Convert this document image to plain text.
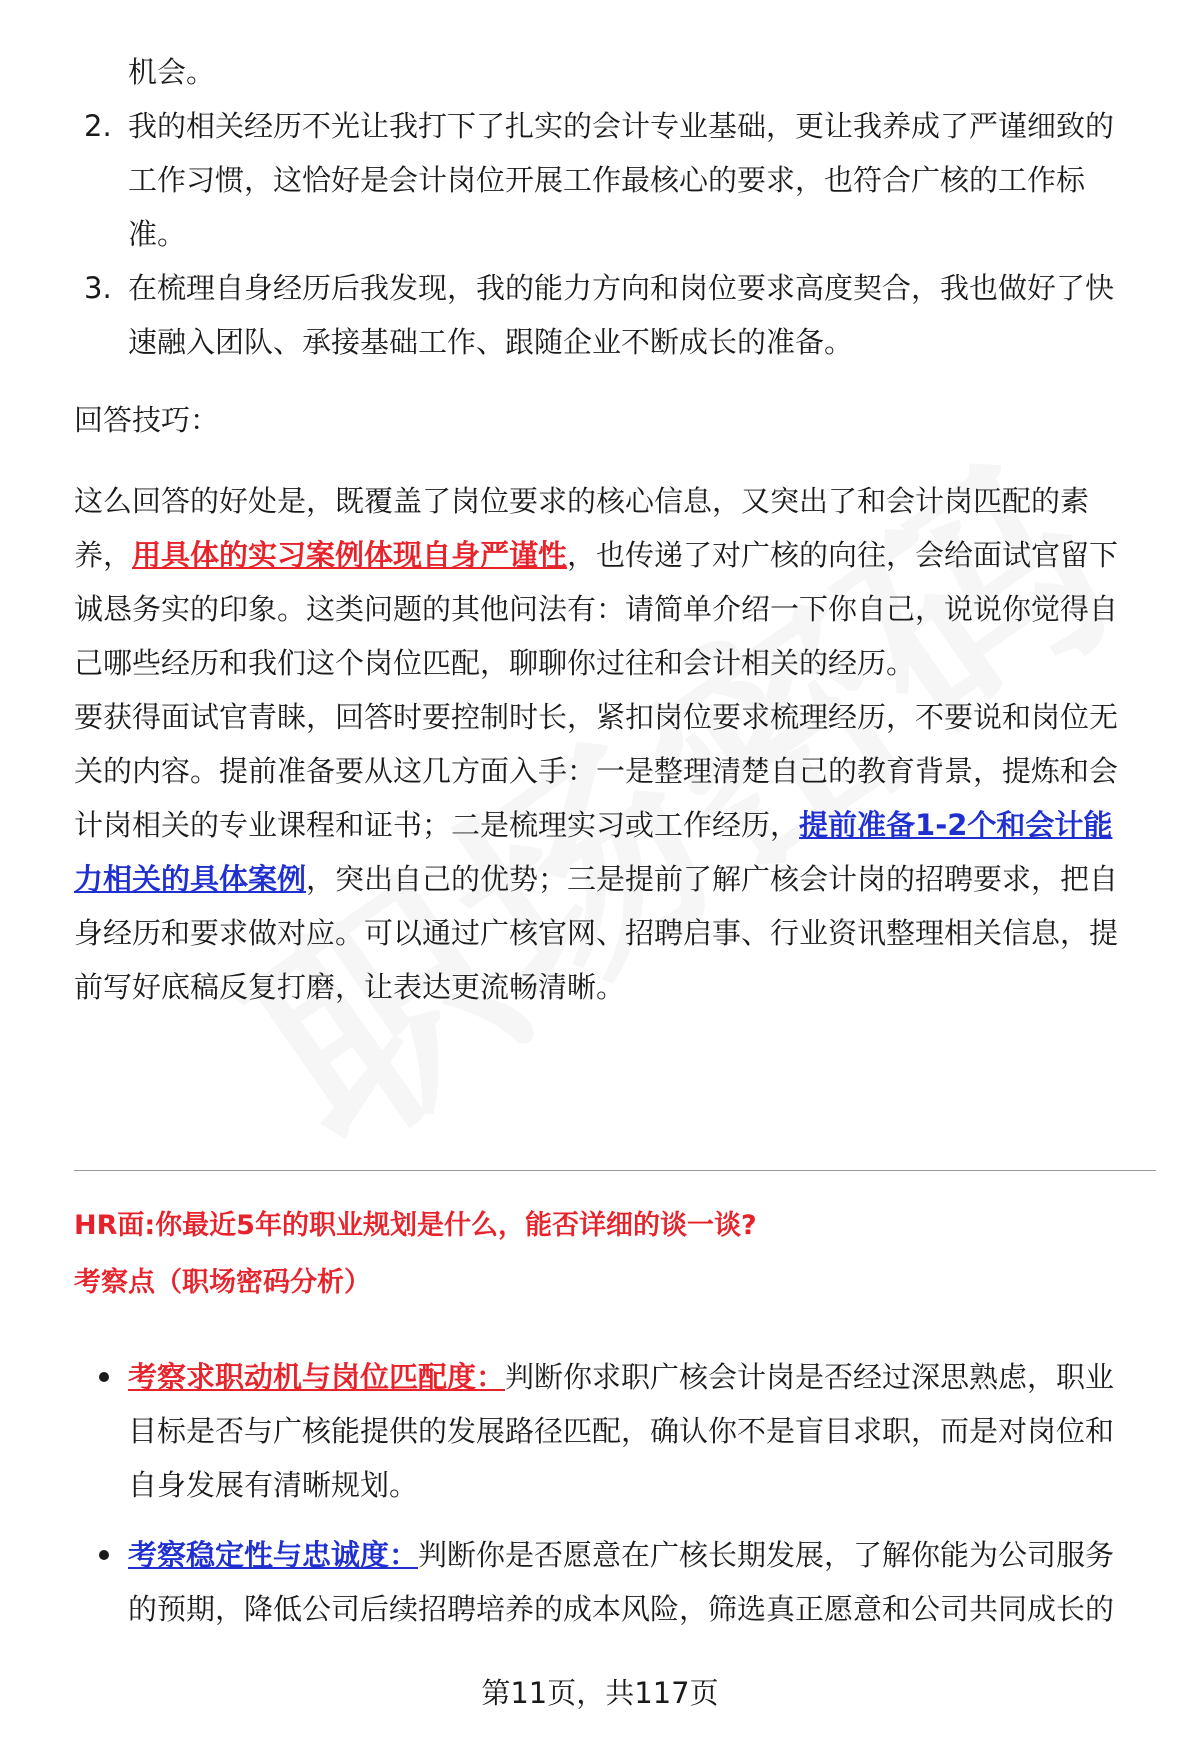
机会。
2. 我的相关经历不光让我打下了扎实的会计专业基础，更让我养成了严谨细致的
工作习惯，这恰好是会计岗位开展工作最核心的要求，也符合广核的工作标
准。
3. 在梳理自身经历后我发现，我的能力方向和岗位要求高度契合，我也做好了快
速融入团队、承接基础工作、跟随企业不断成长的准备。
回答技巧：
这么回答的好处是，既覆盖了岗位要求的核心信息，又突出了和会计岗匹配的素
养，用具体的实习案例体现自身严谨性，也传递了对广核的向往，会给面试官留下
诚恳务实的印象。这类问题的其他问法有：请简单介绍一下你自己，说说你觉得自
己哪些经历和我们这个岗位匹配，聊聊你过往和会计相关的经历。
要获得面试官青睐，回答时要控制时长，紧扣岗位要求梳理经历，不要说和岗位无
关的内容。提前准备要从这几方面入手：一是整理清楚自己的教育背景，提炼和会
计岗相关的专业课程和证书；二是梳理实习或工作经历，提前准备1-2个和会计能
力相关的具体案例，突出自己的优势；三是提前了解广核会计岗的招聘要求，把自
身经历和要求做对应。可以通过广核官网、招聘启事、行业资讯整理相关信息，提
前写好底稿反复打磨，让表达更流畅清晰。
HR面:你最近5年的职业规划是什么，能否详细的谈一谈?
考察点（职场密码分析）
考察求职动机与岗位匹配度：判断你求职广核会计岗是否经过深思熟虑，职业
目标是否与广核能提供的发展路径匹配，确认你不是盲目求职，而是对岗位和
自身发展有清晰规划。
考察稳定性与忠诚度：判断你是否愿意在广核长期发展，了解你能为公司服务
的预期，降低公司后续招聘培养的成本风险，筛选真正愿意和公司共同成长的
第11页，共117页
